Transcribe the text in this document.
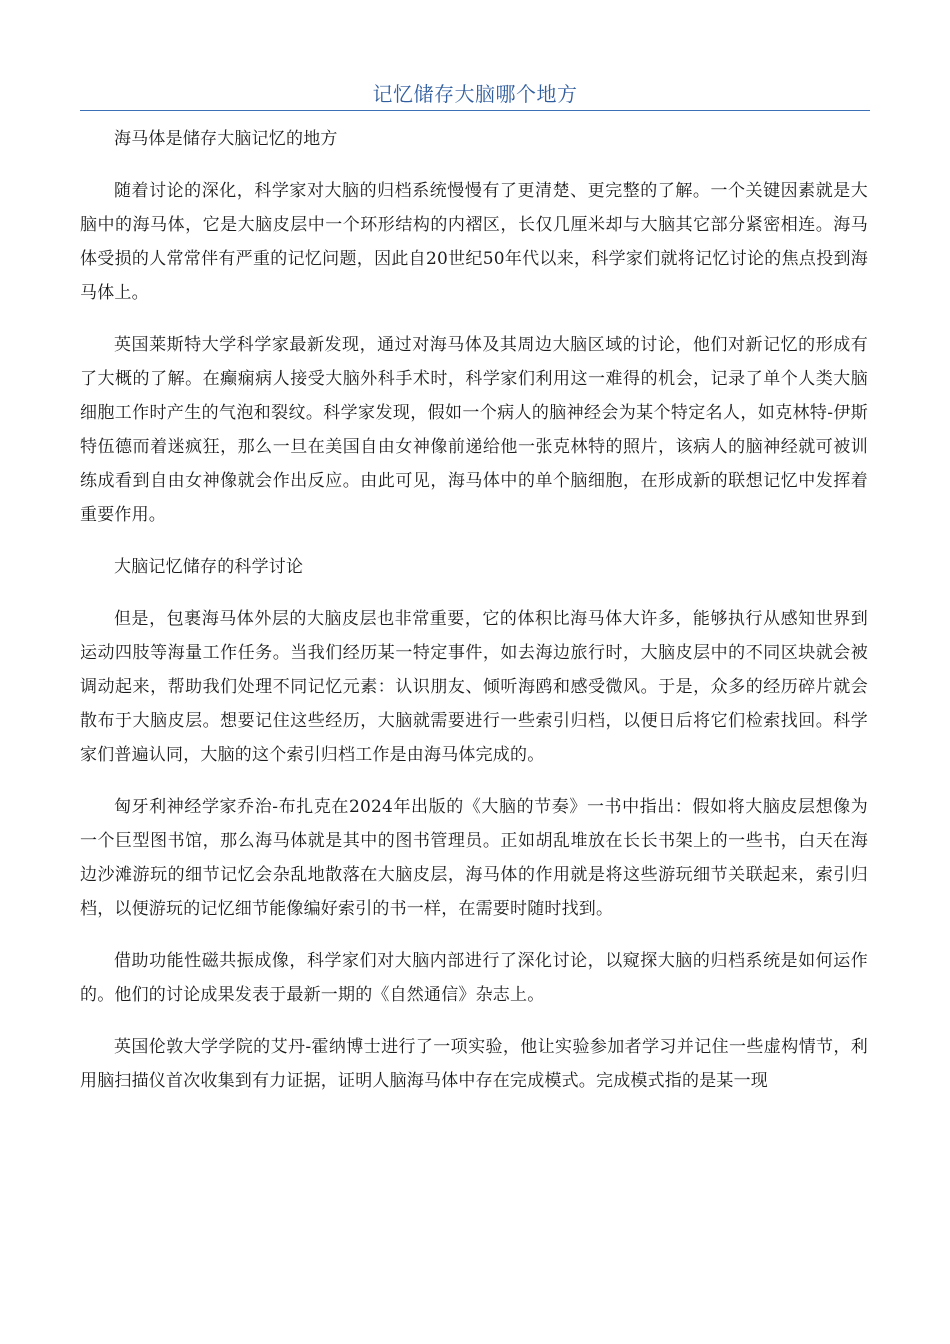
记忆储存大脑哪个地方

海马体是储存大脑记忆的地方

随着讨论的深化，科学家对大脑的归档系统慢慢有了更清楚、更完整的了解。一个关键因素就是大脑中的海马体，它是大脑皮层中一个环形结构的内褶区，长仅几厘米却与大脑其它部分紧密相连。海马体受损的人常常伴有严重的记忆问题，因此自20世纪50年代以来，科学家们就将记忆讨论的焦点投到海马体上。

英国莱斯特大学科学家最新发现，通过对海马体及其周边大脑区域的讨论，他们对新记忆的形成有了大概的了解。在癫痫病人接受大脑外科手术时，科学家们利用这一难得的机会，记录了单个人类大脑细胞工作时产生的气泡和裂纹。科学家发现，假如一个病人的脑神经会为某个特定名人，如克林特-伊斯特伍德而着迷疯狂，那么一旦在美国自由女神像前递给他一张克林特的照片，该病人的脑神经就可被训练成看到自由女神像就会作出反应。由此可见，海马体中的单个脑细胞，在形成新的联想记忆中发挥着重要作用。

大脑记忆储存的科学讨论

但是，包裹海马体外层的大脑皮层也非常重要，它的体积比海马体大许多，能够执行从感知世界到运动四肢等海量工作任务。当我们经历某一特定事件，如去海边旅行时，大脑皮层中的不同区块就会被调动起来，帮助我们处理不同记忆元素：认识朋友、倾听海鸥和感受微风。于是，众多的经历碎片就会散布于大脑皮层。想要记住这些经历，大脑就需要进行一些索引归档，以便日后将它们检索找回。科学家们普遍认同，大脑的这个索引归档工作是由海马体完成的。

匈牙利神经学家乔治-布扎克在2024年出版的《大脑的节奏》一书中指出：假如将大脑皮层想像为一个巨型图书馆，那么海马体就是其中的图书管理员。正如胡乱堆放在长长书架上的一些书，白天在海边沙滩游玩的细节记忆会杂乱地散落在大脑皮层，海马体的作用就是将这些游玩细节关联起来，索引归档，以便游玩的记忆细节能像编好索引的书一样，在需要时随时找到。

借助功能性磁共振成像，科学家们对大脑内部进行了深化讨论，以窥探大脑的归档系统是如何运作的。他们的讨论成果发表于最新一期的《自然通信》杂志上。

英国伦敦大学学院的艾丹-霍纳博士进行了一项实验，他让实验参加者学习并记住一些虚构情节，利用脑扫描仪首次收集到有力证据，证明人脑海马体中存在完成模式。完成模式指的是某一现
